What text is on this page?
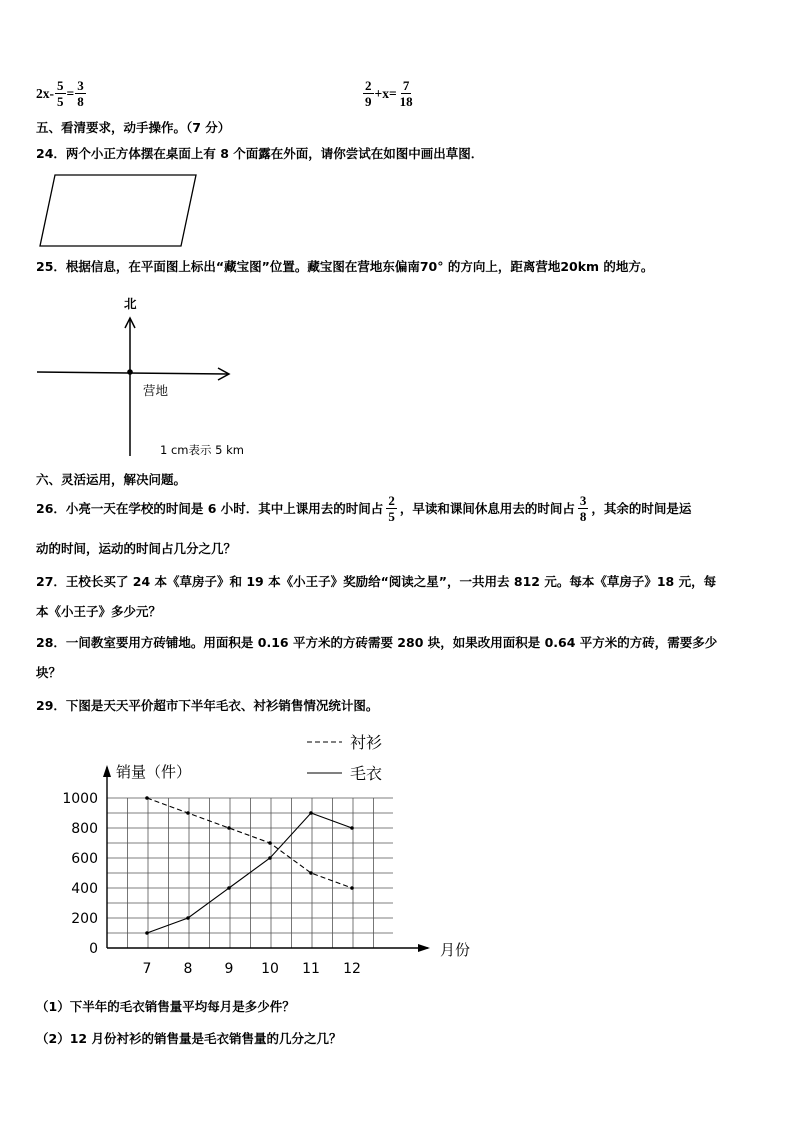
$2x- \frac{5}{5} = \frac{3}{8}$	$\frac{2}{9} +x= \frac{7}{18}$
五、看清要求，动手操作。（7 分）
24．两个小正方体摆在桌面上有 8 个面露在外面，请你尝试在如图中画出草图．
25．根据信息，在平面图上标出“藏宝图”位置。藏宝图在营地东偏南70° 的方向上，距离营地20km 的地方。
北
营地
1 cm表示 5 km
六、灵活运用，解决问题。
26．小亮一天在学校的时间是 6 小时．其中上课用去的时间占 $\frac{2}{5}$ ，早读和课间休息用去的时间占 $\frac{3}{8}$ ，其余的时间是运
动的时间，运动的时间占几分之几？
27．王校长买了 24 本《草房子》和 19 本《小王子》奖励给“阅读之星”，一共用去 812 元。每本《草房子》18 元，每
本《小王子》多少元？
28．一间教室要用方砖铺地。用面积是 0.16 平方米的方砖需要 280 块，如果改用面积是 0.64 平方米的方砖，需要多少
块？
29．下图是天天平价超市下半年毛衣、衬衫销售情况统计图。
0
200
400
600
800
1000
7 8 9 10 11 12
销量（件）
月份
衬衫
毛衣
（1）下半年的毛衣销售量平均每月是多少件？
（2）12 月份衬衫的销售量是毛衣销售量的几分之几？
